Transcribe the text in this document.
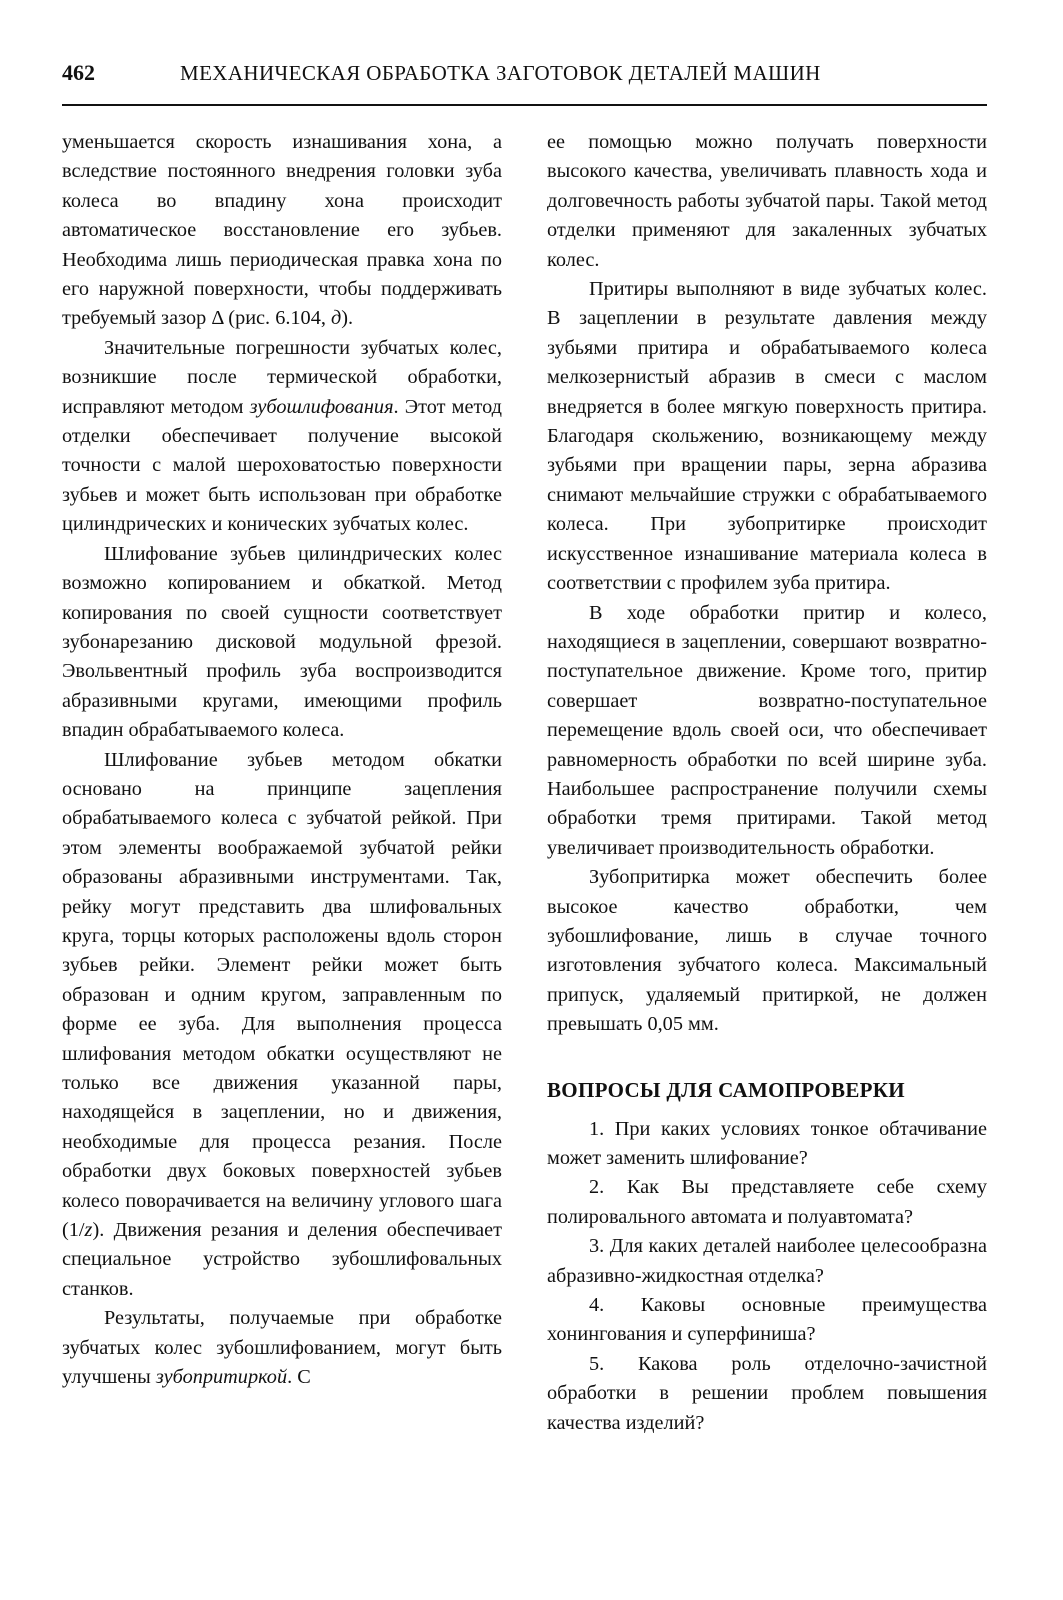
462	МЕХАНИЧЕСКАЯ ОБРАБОТКА ЗАГОТОВОК ДЕТАЛЕЙ МАШИН

уменьшается скорость изнашивания хона, а вследствие постоянного внедрения головки зуба колеса во впадину хона происходит автоматическое восстановление его зубьев. Необходима лишь периодическая правка хона по его наружной поверхности, чтобы поддерживать требуемый зазор Δ (рис. 6.104, д).

Значительные погрешности зубчатых колес, возникшие после термической обработки, исправляют методом зубошлифования. Этот метод отделки обеспечивает получение высокой точности с малой шероховатостью поверхности зубьев и может быть использован при обработке цилиндрических и конических зубчатых колес.

Шлифование зубьев цилиндрических колес возможно копированием и обкаткой. Метод копирования по своей сущности соответствует зубонарезанию дисковой модульной фрезой. Эвольвентный профиль зуба воспроизводится абразивными кругами, имеющими профиль впадин обрабатываемого колеса.

Шлифование зубьев методом обкатки основано на принципе зацепления обрабатываемого колеса с зубчатой рейкой. При этом элементы воображаемой зубчатой рейки образованы абразивными инструментами. Так, рейку могут представить два шлифовальных круга, торцы которых расположены вдоль сторон зубьев рейки. Элемент рейки может быть образован и одним кругом, заправленным по форме ее зуба. Для выполнения процесса шлифования методом обкатки осуществляют не только все движения указанной пары, находящейся в зацеплении, но и движения, необходимые для процесса резания. После обработки двух боковых поверхностей зубьев колесо поворачивается на величину углового шага (1/z). Движения резания и деления обеспечивает специальное устройство зубошлифовальных станков.

Результаты, получаемые при обработке зубчатых колес зубошлифованием, могут быть улучшены зубопритиркой. С

ее помощью можно получать поверхности высокого качества, увеличивать плавность хода и долговечность работы зубчатой пары. Такой метод отделки применяют для закаленных зубчатых колес.

Притиры выполняют в виде зубчатых колес. В зацеплении в результате давления между зубьями притира и обрабатываемого колеса мелкозернистый абразив в смеси с маслом внедряется в более мягкую поверхность притира. Благодаря скольжению, возникающему между зубьями при вращении пары, зерна абразива снимают мельчайшие стружки с обрабатываемого колеса. При зубопритирке происходит искусственное изнашивание материала колеса в соответствии с профилем зуба притира.

В ходе обработки притир и колесо, находящиеся в зацеплении, совершают возвратно-поступательное движение. Кроме того, притир совершает возвратно-поступательное перемещение вдоль своей оси, что обеспечивает равномерность обработки по всей ширине зуба. Наибольшее распространение получили схемы обработки тремя притирами. Такой метод увеличивает производительность обработки.

Зубопритирка может обеспечить более высокое качество обработки, чем зубошлифование, лишь в случае точного изготовления зубчатого колеса. Максимальный припуск, удаляемый притиркой, не должен превышать 0,05 мм.

ВОПРОСЫ ДЛЯ САМОПРОВЕРКИ

1. При каких условиях тонкое обтачивание может заменить шлифование?

2. Как Вы представляете себе схему полировального автомата и полуавтомата?

3. Для каких деталей наиболее целесообразна абразивно-жидкостная отделка?

4. Каковы основные преимущества хонингования и суперфиниша?

5. Какова роль отделочно-зачистной обработки в решении проблем повышения качества изделий?
